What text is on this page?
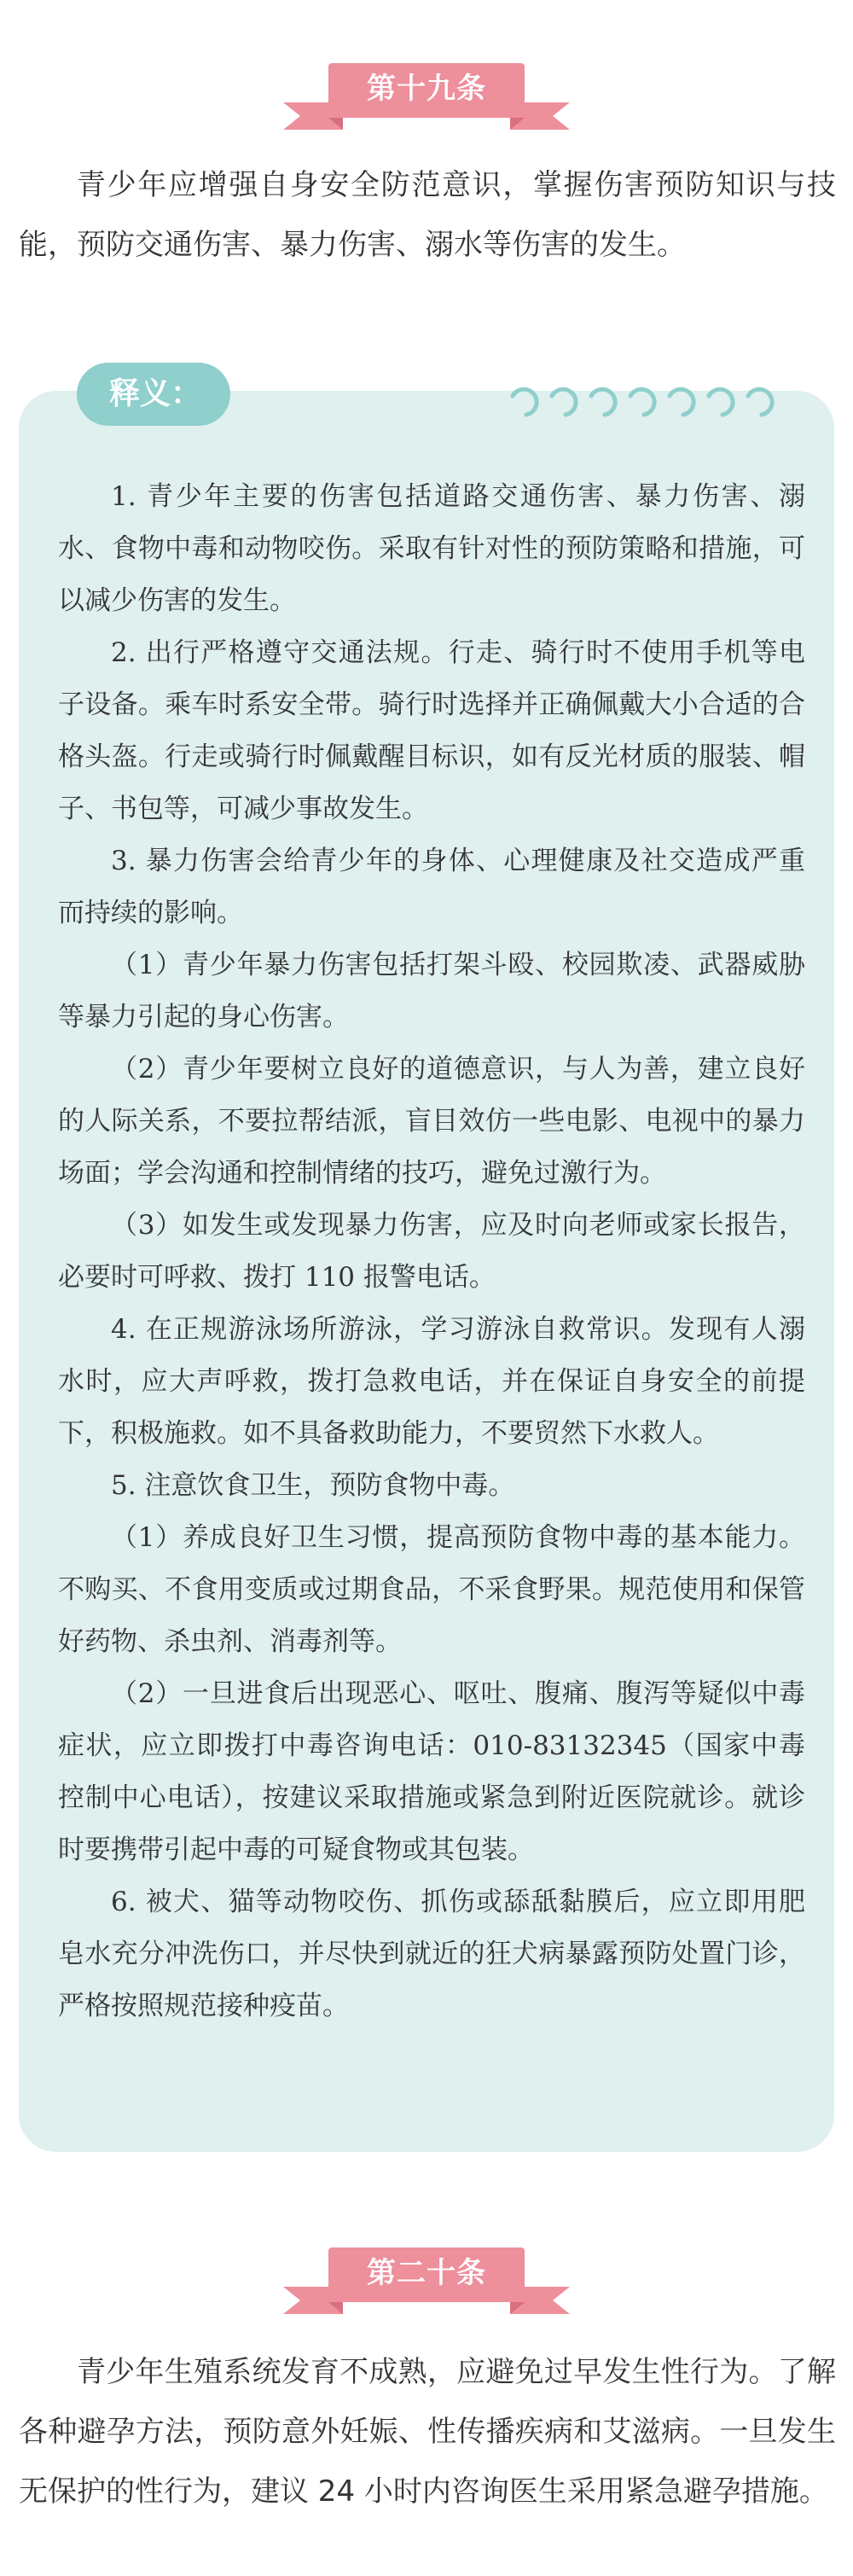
第十九条

青少年应增强自身安全防范意识，掌握伤害预防知识与技能，预防交通伤害、暴力伤害、溺水等伤害的发生。

释义：

1. 青少年主要的伤害包括道路交通伤害、暴力伤害、溺水、食物中毒和动物咬伤。采取有针对性的预防策略和措施，可以减少伤害的发生。

2. 出行严格遵守交通法规。行走、骑行时不使用手机等电子设备。乘车时系安全带。骑行时选择并正确佩戴大小合适的合格头盔。行走或骑行时佩戴醒目标识，如有反光材质的服装、帽子、书包等，可减少事故发生。

3. 暴力伤害会给青少年的身体、心理健康及社交造成严重而持续的影响。

（1）青少年暴力伤害包括打架斗殴、校园欺凌、武器威胁等暴力引起的身心伤害。

（2）青少年要树立良好的道德意识，与人为善，建立良好的人际关系，不要拉帮结派，盲目效仿一些电影、电视中的暴力场面；学会沟通和控制情绪的技巧，避免过激行为。

（3）如发生或发现暴力伤害，应及时向老师或家长报告，必要时可呼救、拨打 110 报警电话。

4. 在正规游泳场所游泳，学习游泳自救常识。发现有人溺水时，应大声呼救，拨打急救电话，并在保证自身安全的前提下，积极施救。如不具备救助能力，不要贸然下水救人。

5. 注意饮食卫生，预防食物中毒。

（1）养成良好卫生习惯，提高预防食物中毒的基本能力。不购买、不食用变质或过期食品，不采食野果。规范使用和保管好药物、杀虫剂、消毒剂等。

（2）一旦进食后出现恶心、呕吐、腹痛、腹泻等疑似中毒症状，应立即拨打中毒咨询电话：010-83132345（国家中毒控制中心电话），按建议采取措施或紧急到附近医院就诊。就诊时要携带引起中毒的可疑食物或其包装。

6. 被犬、猫等动物咬伤、抓伤或舔舐黏膜后，应立即用肥皂水充分冲洗伤口，并尽快到就近的狂犬病暴露预防处置门诊，严格按照规范接种疫苗。

第二十条

青少年生殖系统发育不成熟，应避免过早发生性行为。了解各种避孕方法，预防意外妊娠、性传播疾病和艾滋病。一旦发生无保护的性行为，建议 24 小时内咨询医生采用紧急避孕措施。
